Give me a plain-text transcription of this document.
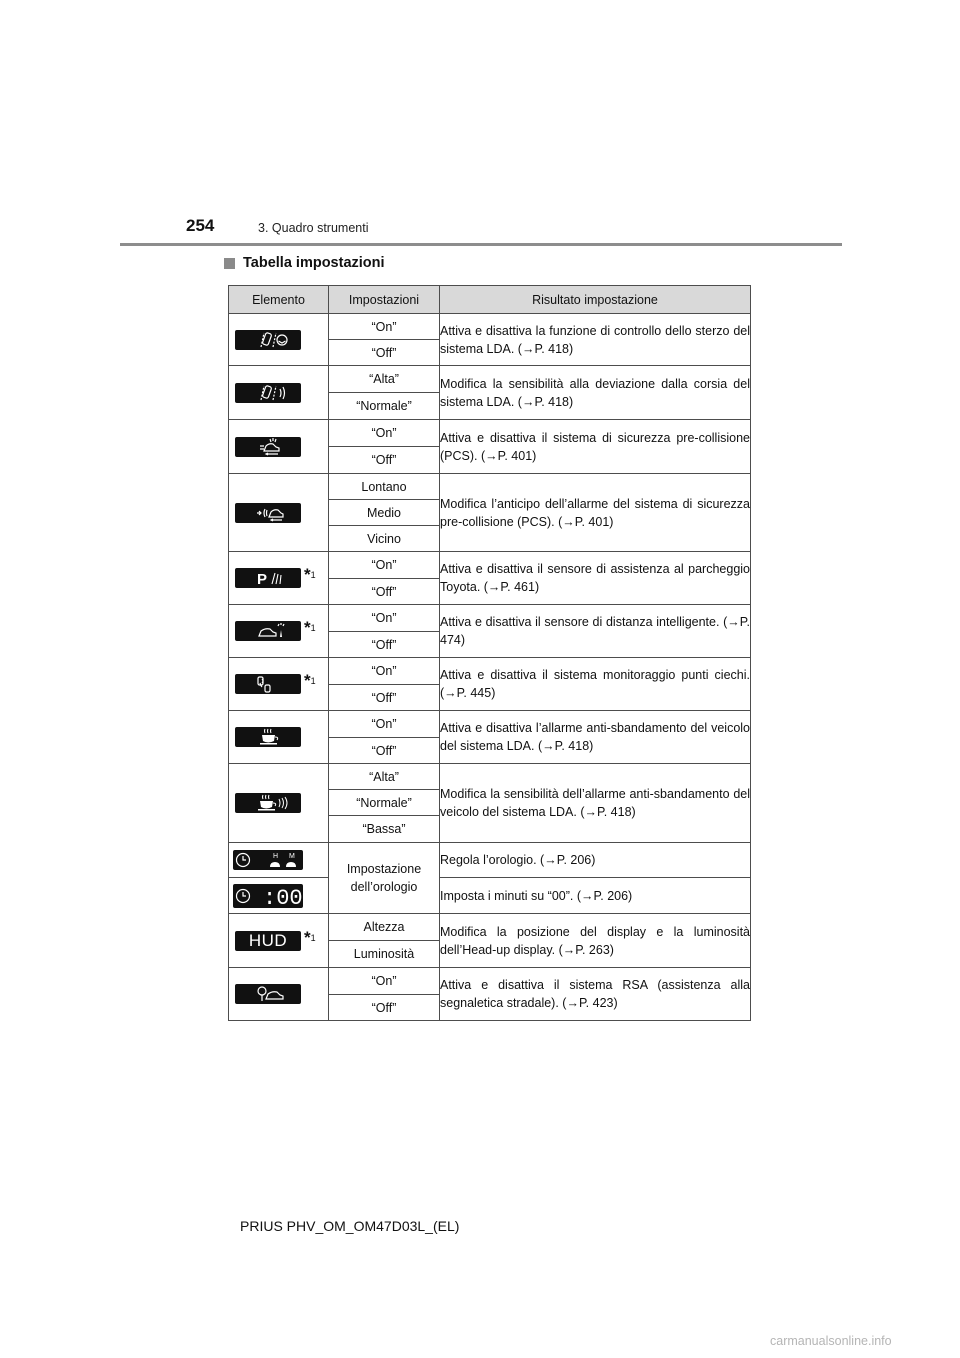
254	3. Quadro strumenti
Tabella impostazioni
Elemento	Impostazioni	Risultato impostazione

	“On”	Attiva e disattiva la funzione di controllo dello sterzo del sistema LDA. (→P. 418)
	“Off”	

	“Alta”	Modifica la sensibilità alla deviazione dalla corsia del sistema LDA. (→P. 418)
	“Normale”	

	“On”	Attiva e disattiva il sistema di sicurezza pre-collisione (PCS). (→P. 401)
	“Off”	

	Lontano	Modifica l’anticipo dell’allarme del sistema di sicurezza pre-collisione (PCS). (→P. 401)
	Medio	
	Vicino	

P $*_1$	“On”	Attiva e disattiva il sensore di assistenza al parcheggio Toyota. (→P. 461)
	“Off”	

$*_1$	“On”	Attiva e disattiva il sensore di distanza intelligente. (→P. 474)
	“Off”	

$*_1$	“On”	Attiva e disattiva il sistema monitoraggio punti ciechi. (→P. 445)
	“Off”	

	“On”	Attiva e disattiva l’allarme anti-sbandamento del veicolo del sistema LDA. (→P. 418)
	“Off”	

	“Alta”	Modifica la sensibilità dell’allarme anti-sbandamento del veicolo del sistema LDA. (→P. 418)
	“Normale”	
	“Bassa”	

H M	Impostazione dell’orologio	Regola l’orologio. (→P. 206)

:00		Imposta i minuti su “00”. (→P. 206)

HUD $*_1$	Altezza	Modifica la posizione del display e la luminosità dell’Head-up display. (→P. 263)
	Luminosità	

	“On”	Attiva e disattiva il sistema RSA (assistenza alla segnaletica stradale). (→P. 423)
	“Off”	
PRIUS PHV_OM_OM47D03L_(EL)
carmanualsonline.info
